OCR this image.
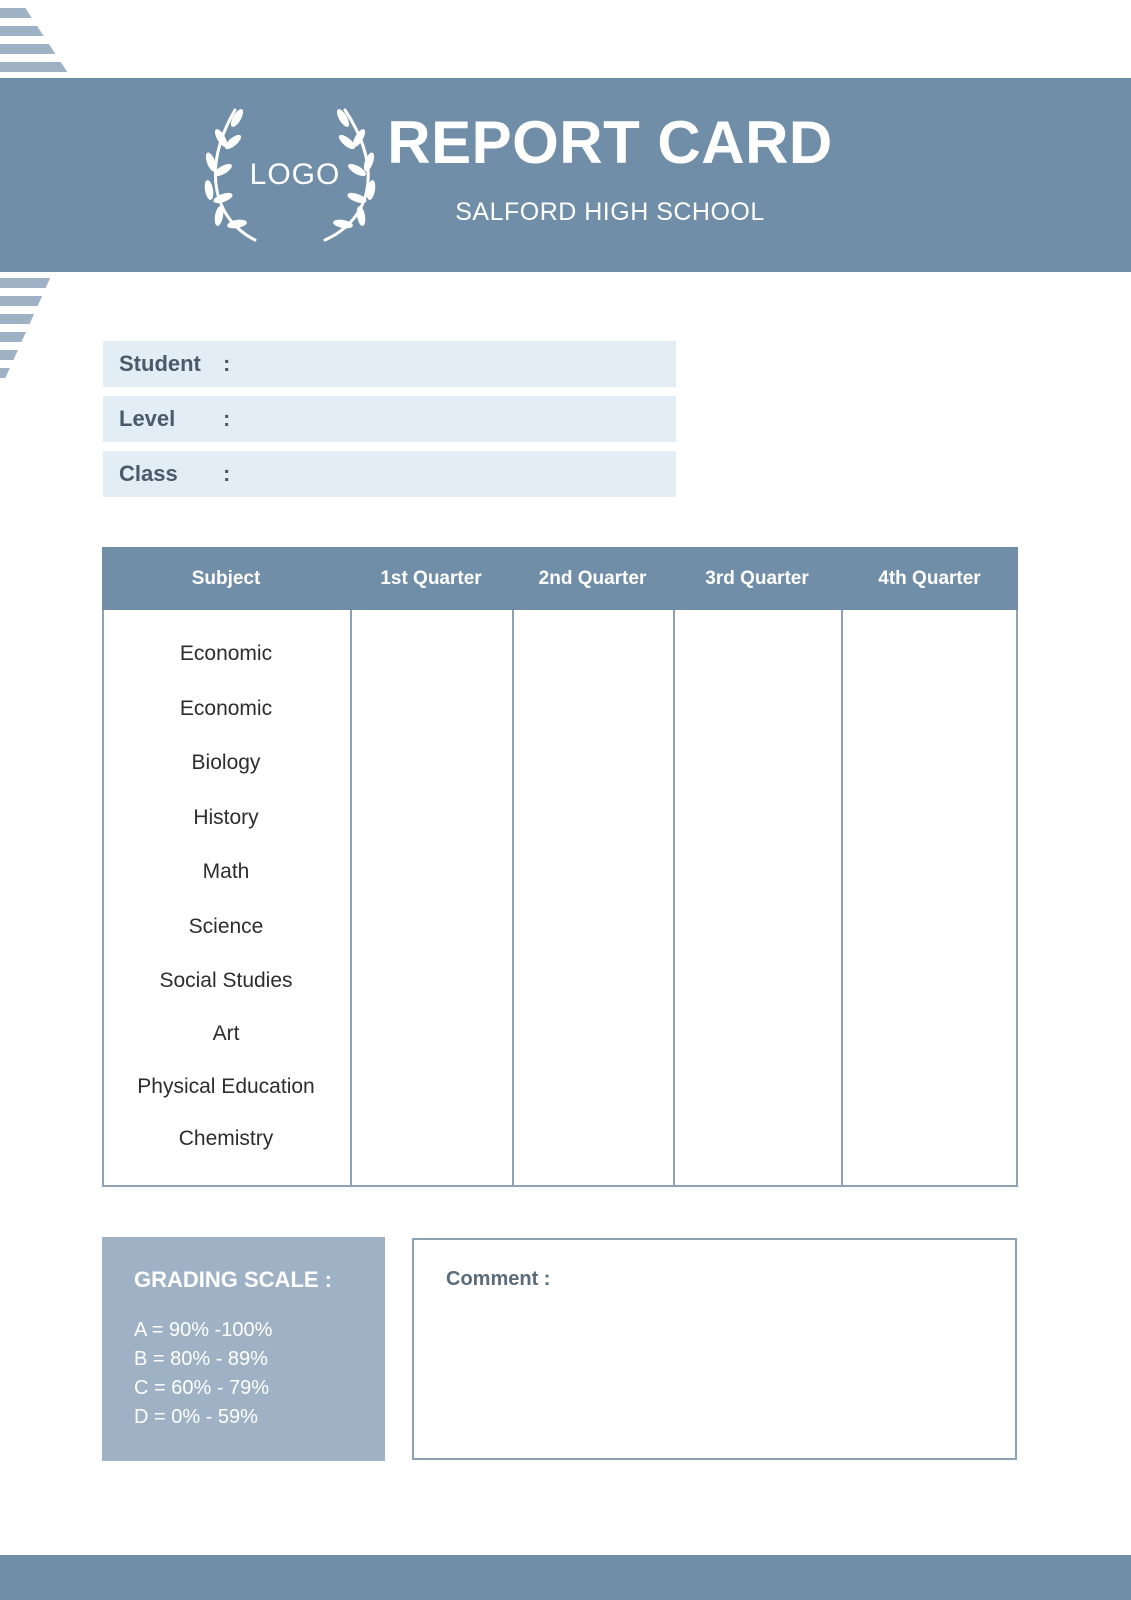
LOGO REPORT CARD
SALFORD HIGH SCHOOL
Student :
Level :
Class :
Subject	1st Quarter	2nd Quarter	3rd Quarter	4th Quarter
Economic
Economic
Biology
History
Math
Science
Social Studies
Art
Physical Education
Chemistry
GRADING SCALE :
A = 90% -100%
B = 80% - 89%
C = 60% - 79%
D = 0% - 59%
Comment :
